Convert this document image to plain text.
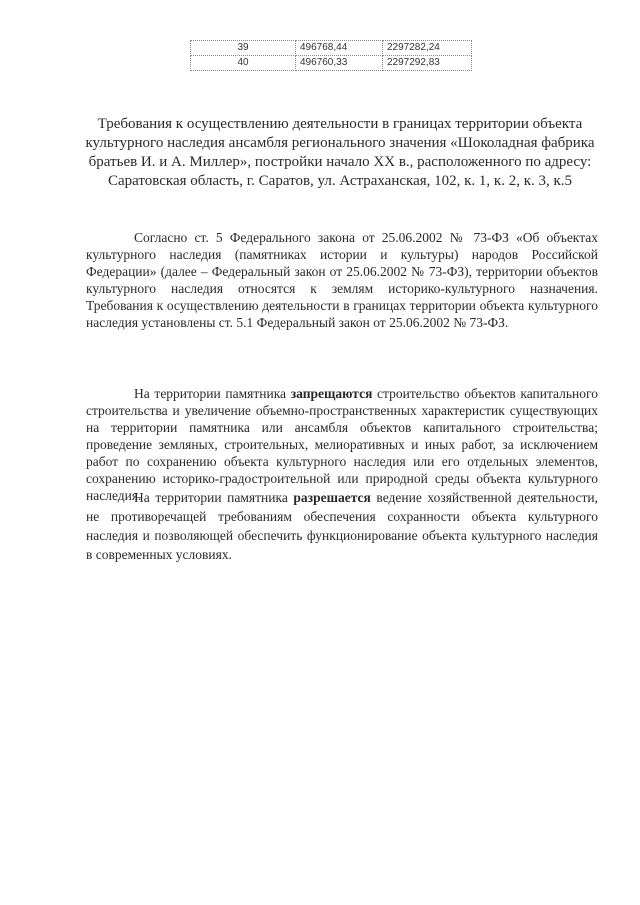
39	496768,44	2297282,24
40	496760,33	2297292,83
Требования к осуществлению деятельности в границах территории объекта культурного наследия ансамбля регионального значения «Шоколадная фабрика братьев И. и А. Миллер», постройки начало XX в., расположенного по адресу: Саратовская область, г. Саратов, ул. Астраханская, 102, к. 1, к. 2, к. 3, к.5

Согласно ст. 5 Федерального закона от 25.06.2002 № 73-ФЗ «Об объектах культурного наследия (памятниках истории и культуры) народов Российской Федерации» (далее – Федеральный закон от 25.06.2002 № 73-ФЗ), территории объектов культурного наследия относятся к землям историко-культурного назначения. Требования к осуществлению деятельности в границах территории объекта культурного наследия установлены ст. 5.1 Федеральный закон от 25.06.2002 № 73-ФЗ.

На территории памятника запрещаются строительство объектов капитального строительства и увеличение объемно-пространственных характеристик существующих на территории памятника или ансамбля объектов капитального строительства; проведение земляных, строительных, мелиоративных и иных работ, за исключением работ по сохранению объекта культурного наследия или его отдельных элементов, сохранению историко-градостроительной или природной среды объекта культурного наследия.

На территории памятника разрешается ведение хозяйственной деятельности, не противоречащей требованиям обеспечения сохранности объекта культурного наследия и позволяющей обеспечить функционирование объекта культурного наследия в современных условиях.
